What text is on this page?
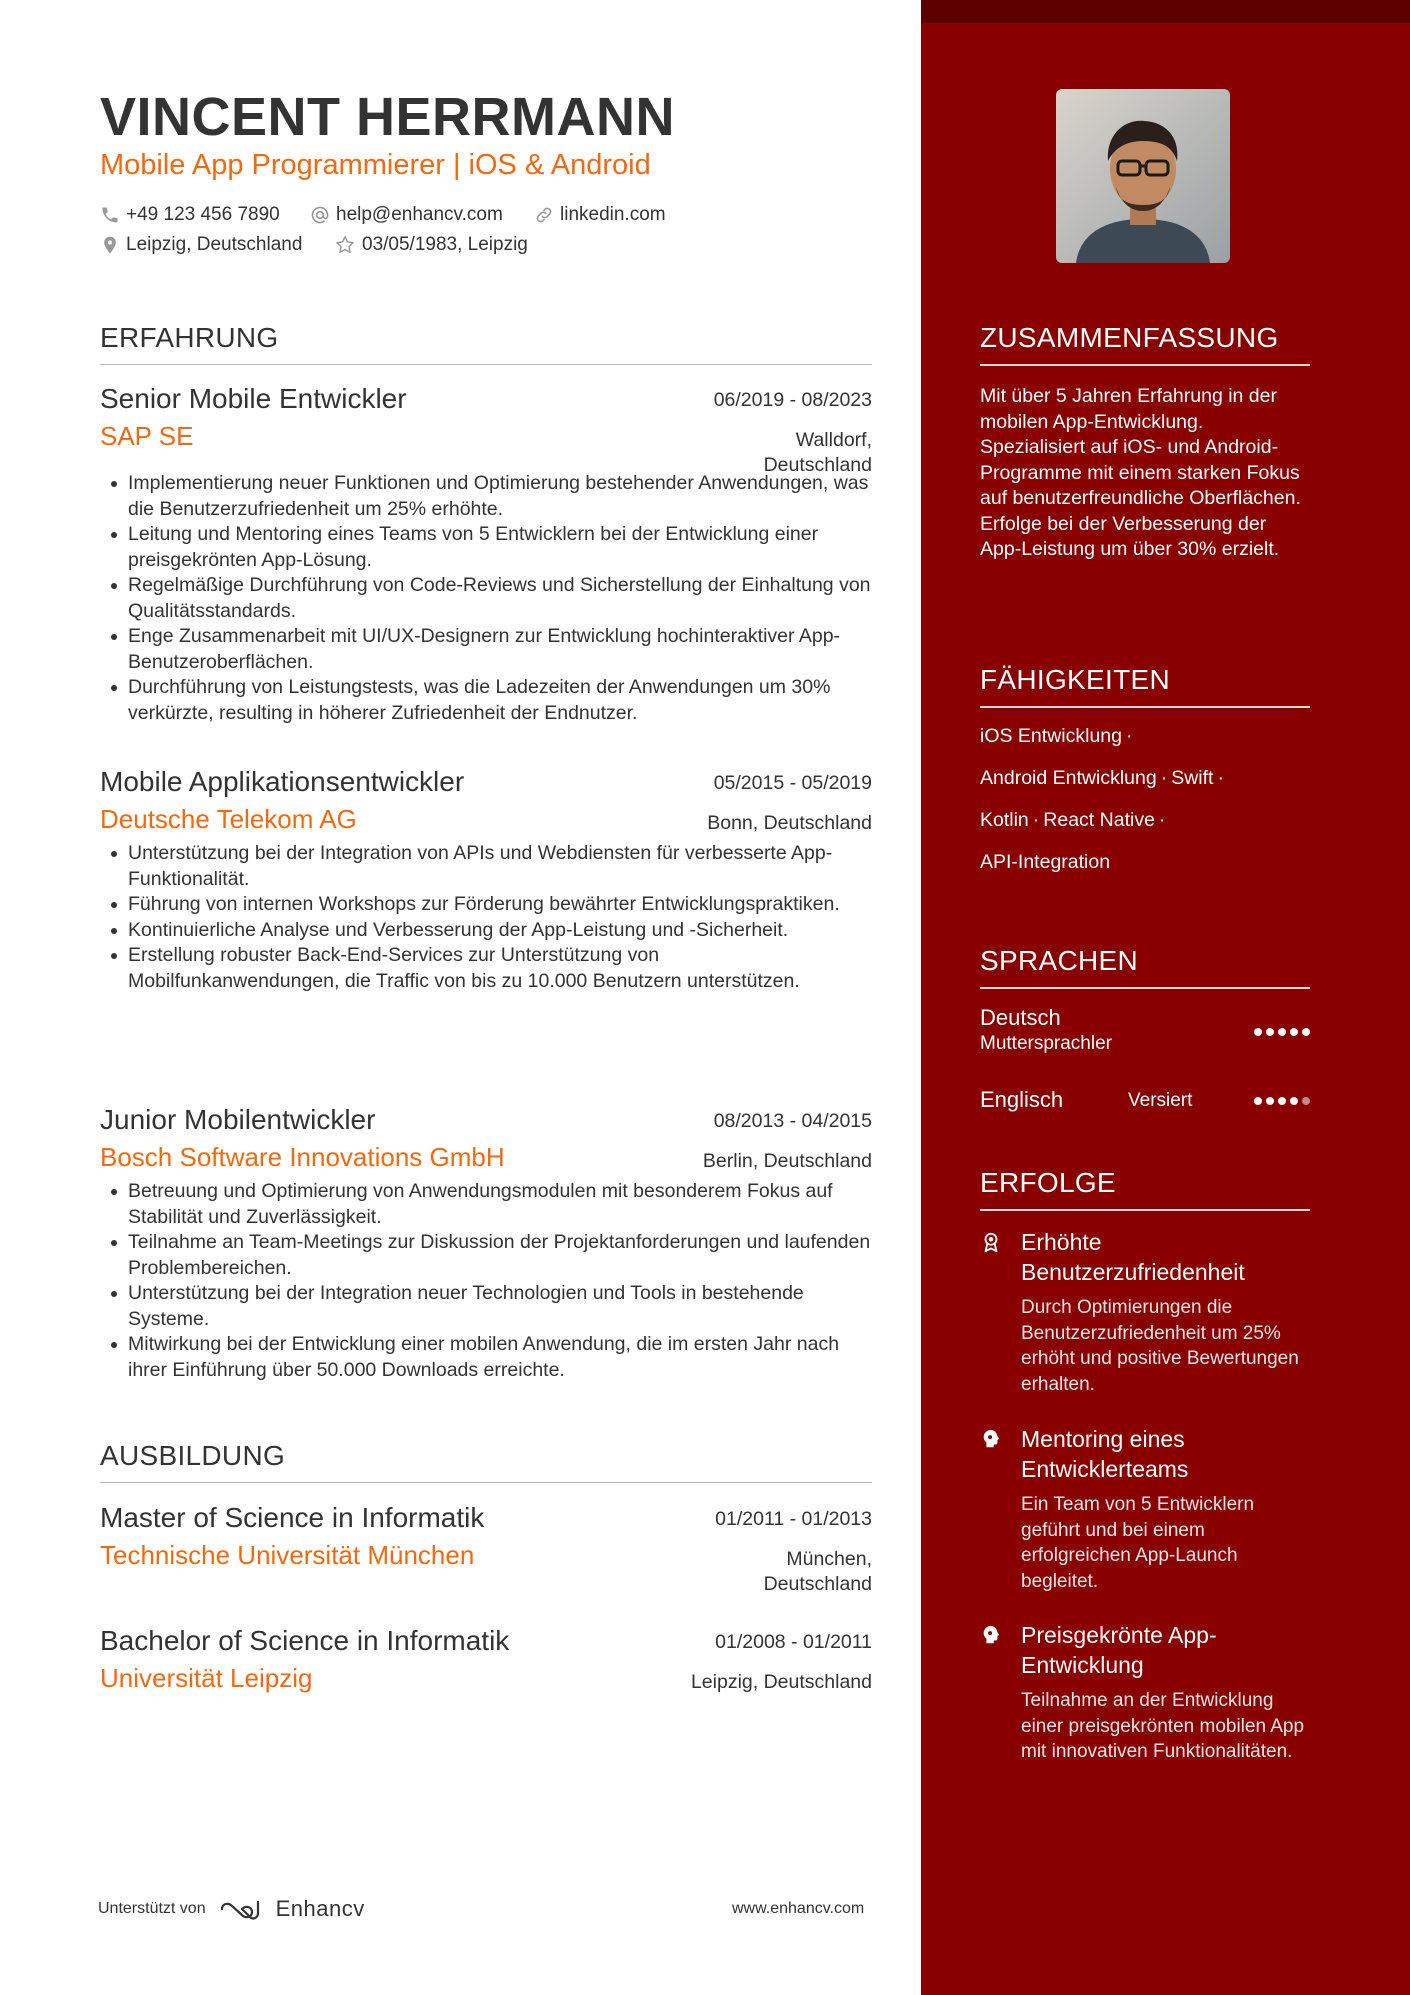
VINCENT HERRMANN
Mobile App Programmierer | iOS & Android
+49 123 456 7890	help@enhancv.com	linkedin.com
Leipzig, Deutschland	03/05/1983, Leipzig
ERFAHRUNG
Senior Mobile Entwickler	06/2019 - 08/2023
SAP SE	Walldorf,
Deutschland
Implementierung neuer Funktionen und Optimierung bestehender Anwendungen, was die Benutzerzufriedenheit um 25% erhöhte.
Leitung und Mentoring eines Teams von 5 Entwicklern bei der Entwicklung einer preisgekrönten App-Lösung.
Regelmäßige Durchführung von Code-Reviews und Sicherstellung der Einhaltung von Qualitätsstandards.
Enge Zusammenarbeit mit UI/UX-Designern zur Entwicklung hochinteraktiver App-Benutzeroberflächen.
Durchführung von Leistungstests, was die Ladezeiten der Anwendungen um 30% verkürzte, resulting in höherer Zufriedenheit der Endnutzer.
Mobile Applikationsentwickler	05/2015 - 05/2019
Deutsche Telekom AG	Bonn, Deutschland
Unterstützung bei der Integration von APIs und Webdiensten für verbesserte App-Funktionalität.
Führung von internen Workshops zur Förderung bewährter Entwicklungspraktiken.
Kontinuierliche Analyse und Verbesserung der App-Leistung und -Sicherheit.
Erstellung robuster Back-End-Services zur Unterstützung von Mobilfunkanwendungen, die Traffic von bis zu 10.000 Benutzern unterstützen.
Junior Mobilentwickler	08/2013 - 04/2015
Bosch Software Innovations GmbH	Berlin, Deutschland
Betreuung und Optimierung von Anwendungsmodulen mit besonderem Fokus auf Stabilität und Zuverlässigkeit.
Teilnahme an Team-Meetings zur Diskussion der Projektanforderungen und laufenden Problembereichen.
Unterstützung bei der Integration neuer Technologien und Tools in bestehende Systeme.
Mitwirkung bei der Entwicklung einer mobilen Anwendung, die im ersten Jahr nach ihrer Einführung über 50.000 Downloads erreichte.
AUSBILDUNG
Master of Science in Informatik	01/2011 - 01/2013
Technische Universität München	München,
Deutschland
Bachelor of Science in Informatik	01/2008 - 01/2011
Universität Leipzig	Leipzig, Deutschland
Unterstützt von	Enhancv	www.enhancv.com
ZUSAMMENFASSUNG
Mit über 5 Jahren Erfahrung in der mobilen App-Entwicklung. Spezialisiert auf iOS- und Android-Programme mit einem starken Fokus auf benutzerfreundliche Oberflächen. Erfolge bei der Verbesserung der App-Leistung um über 30% erzielt.
FÄHIGKEITEN
iOS Entwicklung ·
Android Entwicklung · Swift ·
Kotlin · React Native ·
API-Integration
SPRACHEN
Deutsch
Muttersprachler
Englisch	Versiert
ERFOLGE
Erhöhte Benutzerzufriedenheit
Durch Optimierungen die Benutzerzufriedenheit um 25% erhöht und positive Bewertungen erhalten.
Mentoring eines Entwicklerteams
Ein Team von 5 Entwicklern geführt und bei einem erfolgreichen App-Launch begleitet.
Preisgekrönte App-Entwicklung
Teilnahme an der Entwicklung einer preisgekrönten mobilen App mit innovativen Funktionalitäten.
